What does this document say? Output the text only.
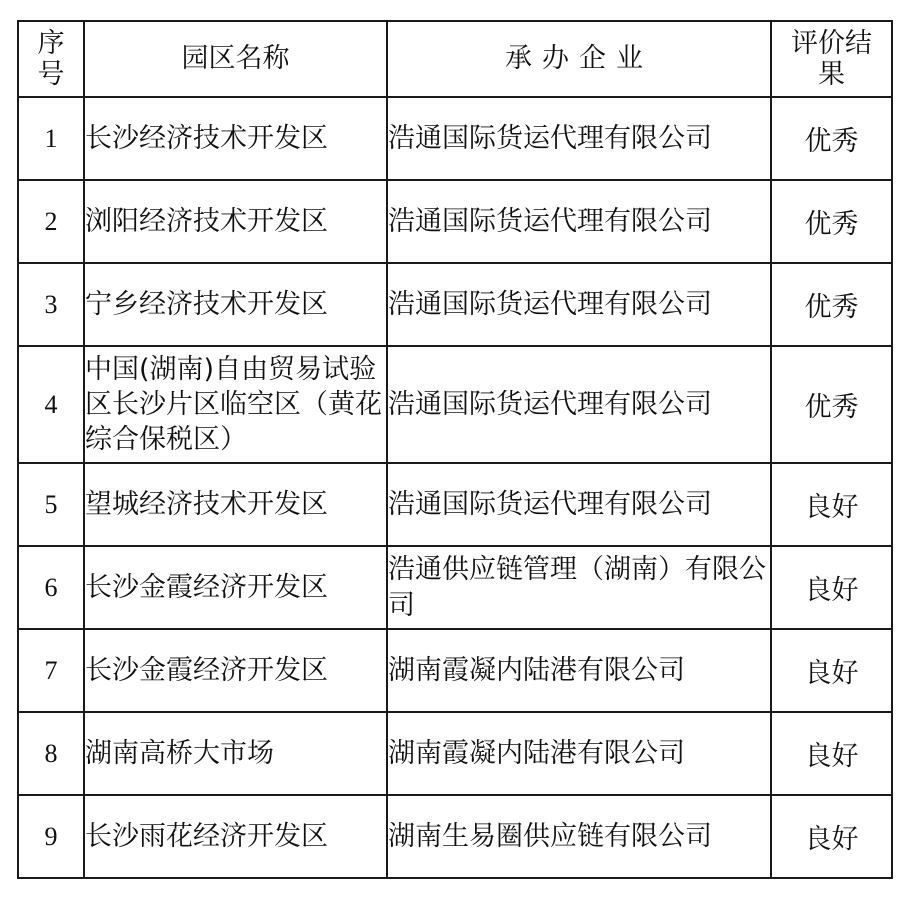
序号	园区名称	承办企业	评价结果
1	长沙经济技术开发区	浩通国际货运代理有限公司	优秀
2	浏阳经济技术开发区	浩通国际货运代理有限公司	优秀
3	宁乡经济技术开发区	浩通国际货运代理有限公司	优秀
4	中国(湖南)自由贸易试验区长沙片区临空区（黄花综合保税区）	浩通国际货运代理有限公司	优秀
5	望城经济技术开发区	浩通国际货运代理有限公司	良好
6	长沙金霞经济开发区	浩通供应链管理（湖南）有限公司	良好
7	长沙金霞经济开发区	湖南霞凝内陆港有限公司	良好
8	湖南高桥大市场	湖南霞凝内陆港有限公司	良好
9	长沙雨花经济开发区	湖南生易圈供应链有限公司	良好
